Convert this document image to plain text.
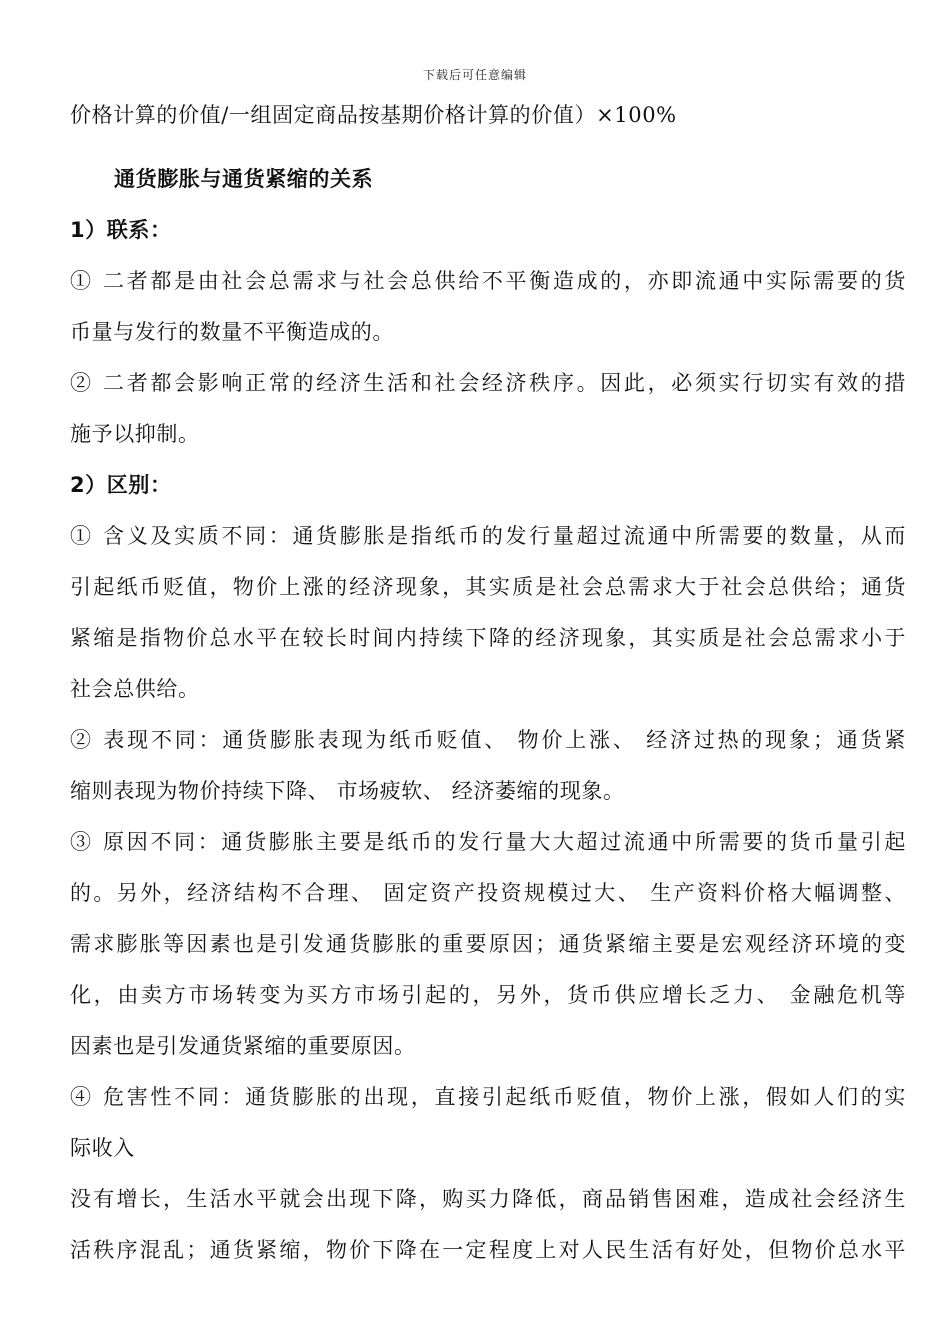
下载后可任意编辑
价格计算的价值/一组固定商品按基期价格计算的价值）×100%
通货膨胀与通货紧缩的关系
1）联系：
① 二者都是由社会总需求与社会总供给不平衡造成的，亦即流通中实际需要的货
币量与发行的数量不平衡造成的。
② 二者都会影响正常的经济生活和社会经济秩序。因此，必须实行切实有效的措
施予以抑制。
2）区别：
① 含义及实质不同：通货膨胀是指纸币的发行量超过流通中所需要的数量，从而
引起纸币贬值，物价上涨的经济现象，其实质是社会总需求大于社会总供给；通货
紧缩是指物价总水平在较长时间内持续下降的经济现象，其实质是社会总需求小于
社会总供给。
② 表现不同：通货膨胀表现为纸币贬值、 物价上涨、 经济过热的现象；通货紧
缩则表现为物价持续下降、 市场疲软、 经济萎缩的现象。
③ 原因不同：通货膨胀主要是纸币的发行量大大超过流通中所需要的货币量引起
的。另外，经济结构不合理、 固定资产投资规模过大、 生产资料价格大幅调整、
需求膨胀等因素也是引发通货膨胀的重要原因；通货紧缩主要是宏观经济环境的变
化，由卖方市场转变为买方市场引起的，另外，货币供应增长乏力、 金融危机等
因素也是引发通货紧缩的重要原因。
④ 危害性不同：通货膨胀的出现，直接引起纸币贬值，物价上涨，假如人们的实
际收入
没有增长，生活水平就会出现下降，购买力降低，商品销售困难，造成社会经济生
活秩序混乱；通货紧缩，物价下降在一定程度上对人民生活有好处，但物价总水平
